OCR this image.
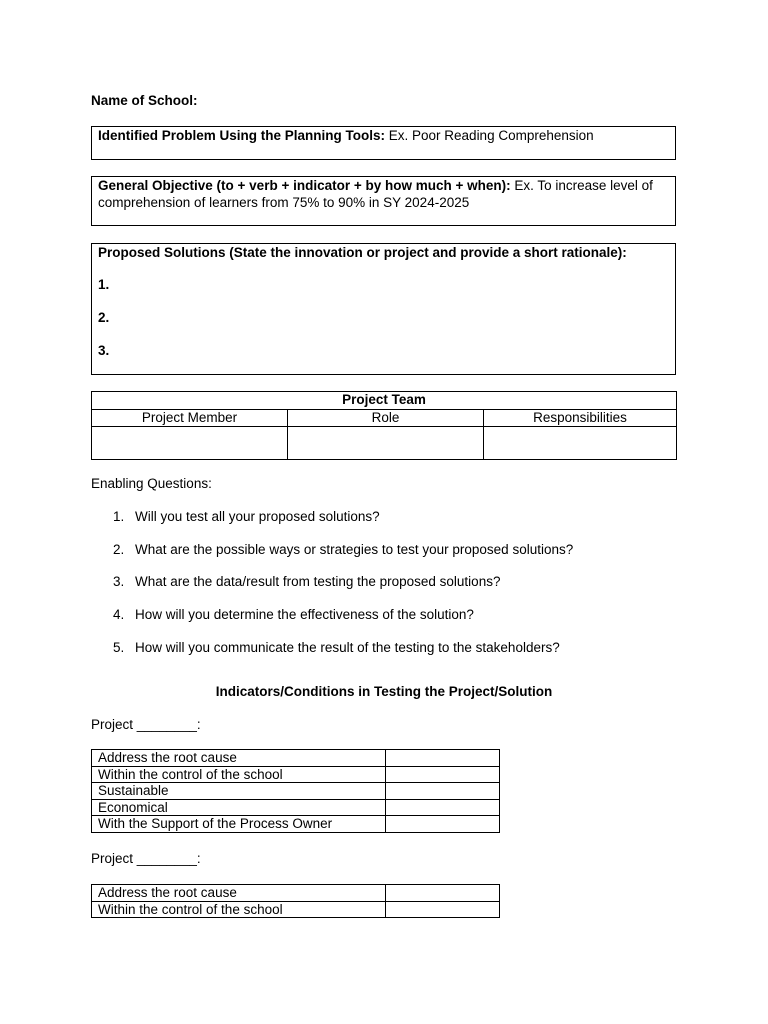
Name of School:
Identified Problem Using the Planning Tools: Ex. Poor Reading Comprehension
General Objective (to + verb + indicator + by how much + when): Ex. To increase level of
comprehension of learners from 75% to 90% in SY 2024-2025
Proposed Solutions (State the innovation or project and provide a short rationale):
1.
2.
3.
Project Team		
Project Member	Role	Responsibilities

Enabling Questions:
1. Will you test all your proposed solutions?
2. What are the possible ways or strategies to test your proposed solutions?
3. What are the data/result from testing the proposed solutions?
4. How will you determine the effectiveness of the solution?
5. How will you communicate the result of the testing to the stakeholders?
Indicators/Conditions in Testing the Project/Solution
Project ________:
Address the root cause	
Within the control of the school	
Sustainable	
Economical	
With the Support of the Process Owner	
Project ________:
Address the root cause	
Within the control of the school	
